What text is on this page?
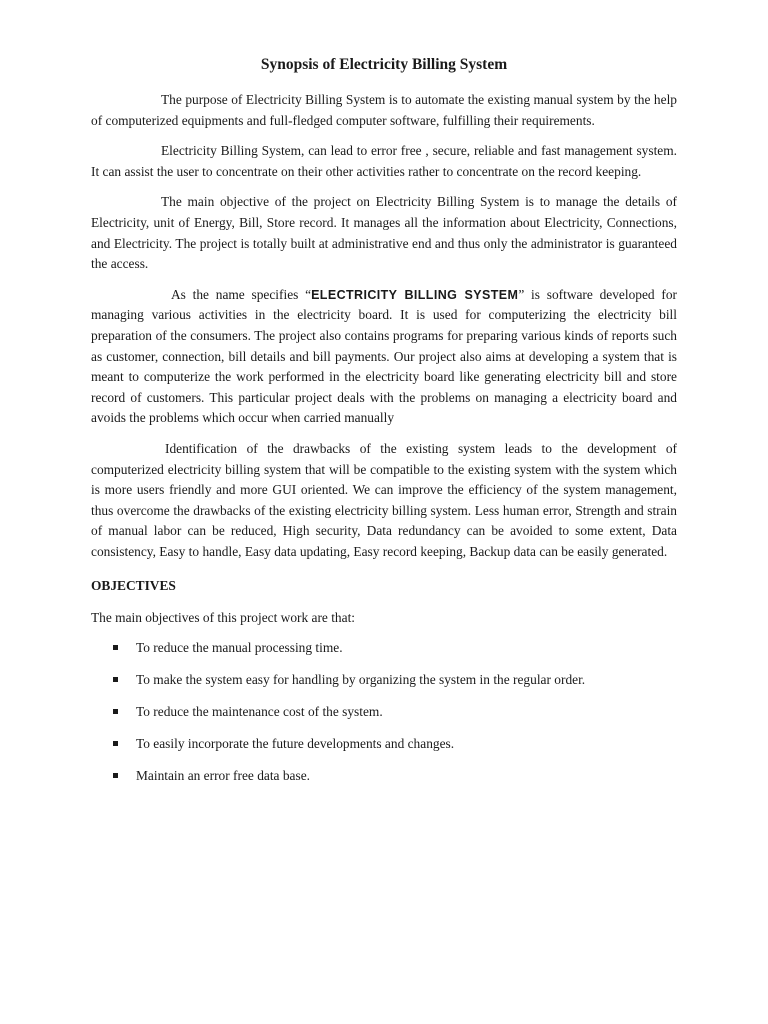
Synopsis of Electricity Billing System

The purpose of Electricity Billing System is to automate the existing manual system by the help of computerized equipments and full-fledged computer software, fulfilling their requirements.

Electricity Billing System, can lead to error free , secure, reliable and fast management system. It can assist the user to concentrate on their other activities rather to concentrate on the record keeping.

The main objective of the project on Electricity Billing System is to manage the details of Electricity, unit of Energy, Bill, Store record. It manages all the information about Electricity, Connections, and Electricity. The project is totally built at administrative end and thus only the administrator is guaranteed the access.

As the name specifies “ELECTRICITY BILLING SYSTEM” is software developed for managing various activities in the electricity board. It is used for computerizing the electricity bill preparation of the consumers. The project also contains programs for preparing various kinds of reports such as customer, connection, bill details and bill payments. Our project also aims at developing a system that is meant to computerize the work performed in the electricity board like generating electricity bill and store record of customers. This particular project deals with the problems on managing a electricity board and avoids the problems which occur when carried manually

Identification of the drawbacks of the existing system leads to the development of computerized electricity billing system that will be compatible to the existing system with the system which is more users friendly and more GUI oriented. We can improve the efficiency of the system management, thus overcome the drawbacks of the existing electricity billing system. Less human error, Strength and strain of manual labor can be reduced, High security, Data redundancy can be avoided to some extent, Data consistency, Easy to handle, Easy data updating, Easy record keeping, Backup data can be easily generated.

OBJECTIVES
The main objectives of this project work are that:
To reduce the manual processing time.
To make the system easy for handling by organizing the system in the regular order.
To reduce the maintenance cost of the system.
To easily incorporate the future developments and changes.
Maintain an error free data base.
